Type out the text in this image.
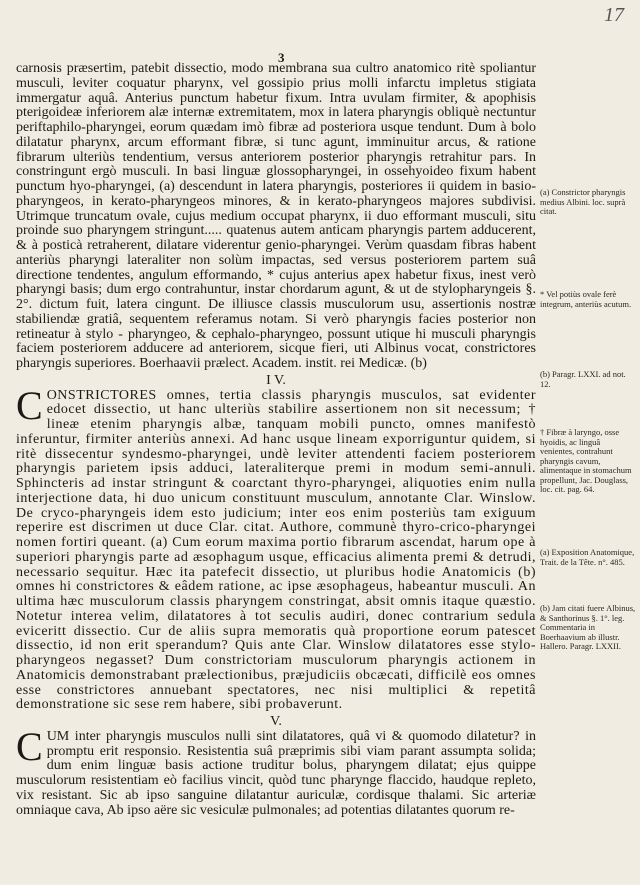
17
3

carnosis præsertim, patebit dissectio, modo membrana sua cultro anatomico ritè spoliantur musculi, leviter coquatur pharynx, vel gossipio prius molli infarctu impletus stigiata immergatur aquâ. Anterius punctum habetur fixum. Intra uvulam firmiter, & apophisis pterigoideæ inferiorem alæ internæ extremitatem, mox in latera pharyngis obliquè nectuntur periftaphilo-pharyngei, eorum quædam imò fibræ ad posteriora usque tendunt. Dum à bolo dilatatur pharynx, arcum efformant fibræ, si tunc agunt, imminuitur arcus, & ratione fibrarum ulteriùs tendentium, versus anteriorem posterior pharyngis retrahitur pars. In constringunt ergò musculi. In basi linguæ glossopharyngei, in ossehyoideo fixum habent punctum hyo-pharyngei, (a) descendunt in latera pharyngis, posteriores ii quidem in basio-pharyngeos, in kerato-pharyngeos minores, & in kerato-pharyngeos majores subdivisi. Utrimque truncatum ovale, cujus medium occupat pharynx, ii duo efformant musculi, situ proinde suo pharyngem stringunt..... quatenus autem anticam pharyngis partem adducerent, & à posticà retraherent, dilatare viderentur genio-pharyngei. Verùm quasdam fibras habent anteriùs pharyngi lateraliter non solùm impactas, sed versus posteriorem partem suâ directione tendentes, angulum efformando, * cujus anterius apex habetur fixus, inest verò pharyngi basis; dum ergo contrahuntur, instar chordarum agunt, & ut de stylopharyngeis §. 2°. dictum fuit, latera cingunt. De illiusce classis musculorum usu, assertionis nostræ stabiliendæ gratiâ, sequentem referamus notam. Si verò pharyngis facies posterior non retineatur à stylo - pharyngeo, & cephalo-pharyngeo, possunt utique hi musculi pharyngis faciem posteriorem adducere ad anteriorem, sicque fieri, uti Albinus vocat, constrictores pharyngis superiores. Boerhaavii prælect. Academ. instit. rei Medicæ. (b)

I V.

CONSTRICTORES omnes, tertia classis pharyngis musculos, sat evidenter edocet dissectio, ut hanc ulteriùs stabilire assertionem non sit necessum; † lineæ etenim pharyngis albæ, tanquam mobili puncto, omnes manifestò inferuntur, firmiter anteriùs annexi. Ad hanc usque lineam exporriguntur quidem, si ritè dissecentur syndesmo-pharyngei, undè leviter attendenti faciem posteriorem pharyngis parietem ipsis adduci, lateraliterque premi in modum semi-annuli. Sphincteris ad instar stringunt & coarctant thyro-pharyngei, aliquoties enim nulla interjectione data, hi duo unicum constituunt musculum, annotante Clar. Winslow. De cryco-pharyngeis idem esto judicium; inter eos enim posteriùs tam exiguum reperire est discrimen ut duce Clar. citat. Authore, communè thyro-crico-pharyngei nomen fortiri queant. (a) Cum eorum maxima portio fibrarum ascendat, harum ope à superiori pharyngis parte ad æsophagum usque, efficacius alimenta premi & detrudi, necessario sequitur. Hæc ita patefecit dissectio, ut pluribus hodie Anatomicis (b) omnes hi constrictores & eâdem ratione, ac ipse æsophageus, habeantur musculi. An ultima hæc musculorum classis pharyngem constringat, absit omnis itaque quæstio. Notetur interea velim, dilatatores à tot seculis audiri, donec contrarium sedula eviceritt dissectio. Cur de aliis supra memoratis quà proportione eorum patescet dissectio, id non erit sperandum? Quis ante Clar. Winslow dilatatores esse stylo-pharyngeos negasset? Dum constrictoriam musculorum pharyngis actionem in Anatomicis demonstrabant prælectionibus, præjudiciis obcæcati, difficilè eos omnes esse constrictores annuebant spectatores, nec nisi multiplici & repetitâ demonstratione sic sese rem habere, sibi probaverunt.

V.

CUM inter pharyngis musculos nulli sint dilatatores, quâ vi & quomodo dilatetur? in promptu erit responsio. Resistentia suâ præprimis sibi viam parant assumpta solida; dum enim linguæ basis actione truditur bolus, pharyngem dilatat; ejus quippe musculorum resistentiam eò facilius vincit, quòd tunc pharynge flaccido, haudque repleto, vix resistant. Sic ab ipso sanguine dilatantur auriculæ, cordisque thalami. Sic arteriæ omniaque cava, Ab ipso aëre sic vesiculæ pulmonales; ad potentias dilatantes quorum re-

(a) Constrictor pharyngis medius Albini. loc. suprà citat.
* Vel potiùs ovale ferè integrum, anteriùs acutum.
(b) Paragr. LXXI. ad not. 12.
† Fibræ à laryngo, osse hyoidis, ac linguâ venientes, contrahunt pharyngis cavum, alimentaque in stomachum propellunt, Jac. Douglass, loc. cit. pag. 64.
(a) Exposition Anatomique, Trait. de la Tête. n°. 485.
(b) Jam citati fuere Albinus, & Santhorinus §. 1°. leg. Commentaria in Boerhaavium ab illustr. Hallero. Paragr. LXXII.
